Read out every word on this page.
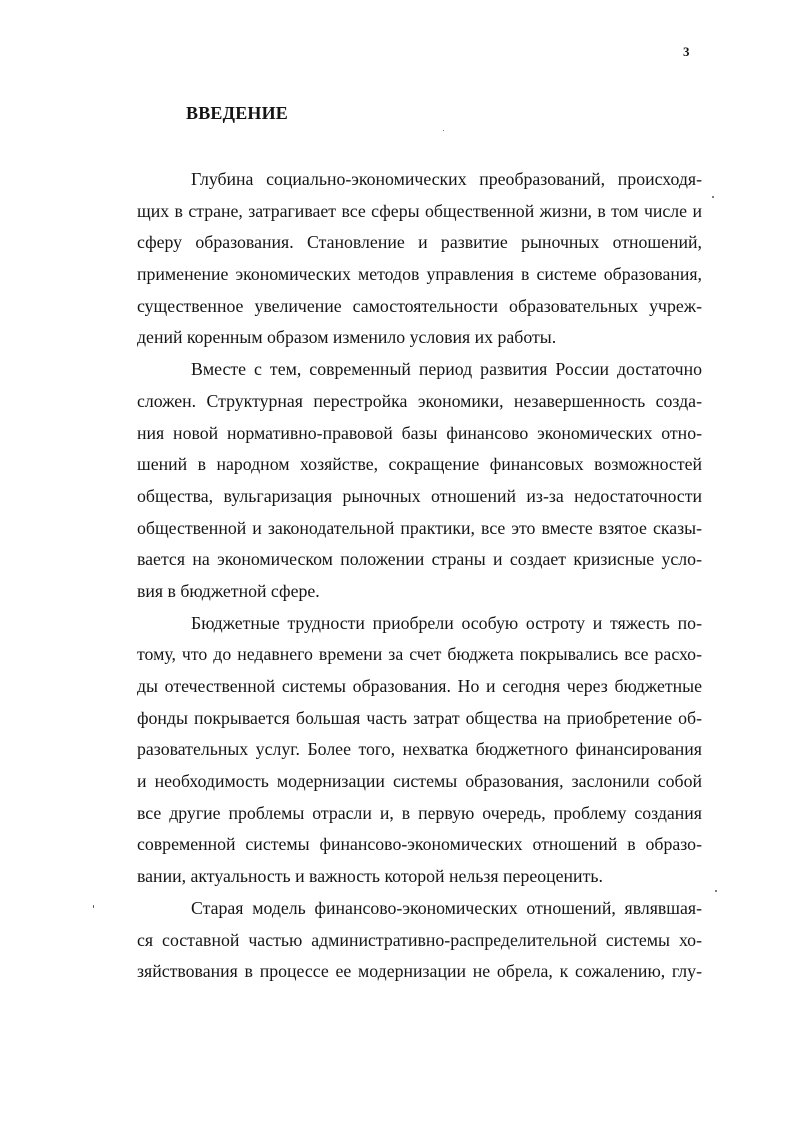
3
ВВЕДЕНИЕ
Глубина социально-экономических преобразований, происходя-
щих в стране, затрагивает все сферы общественной жизни, в том числе и
сферу образования. Становление и развитие рыночных отношений,
применение экономических методов управления в системе образования,
существенное увеличение самостоятельности образовательных учреж-
дений коренным образом изменило условия их работы.
Вместе с тем, современный период развития России достаточно
сложен. Структурная перестройка экономики, незавершенность созда-
ния новой нормативно-правовой базы финансово экономических отно-
шений в народном хозяйстве, сокращение финансовых возможностей
общества, вульгаризация рыночных отношений из-за недостаточности
общественной и законодательной практики, все это вместе взятое сказы-
вается на экономическом положении страны и создает кризисные усло-
вия в бюджетной сфере.
Бюджетные трудности приобрели особую остроту и тяжесть по-
тому, что до недавнего времени за счет бюджета покрывались все расхо-
ды отечественной системы образования. Но и сегодня через бюджетные
фонды покрывается большая часть затрат общества на приобретение об-
разовательных услуг. Более того, нехватка бюджетного финансирования
и необходимость модернизации системы образования, заслонили собой
все другие проблемы отрасли и, в первую очередь, проблему создания
современной системы финансово-экономических отношений в образо-
вании, актуальность и важность которой нельзя переоценить.
Старая модель финансово-экономических отношений, являвшая-
ся составной частью административно-распределительной системы хо-
зяйствования в процессе ее модернизации не обрела, к сожалению, глу-
